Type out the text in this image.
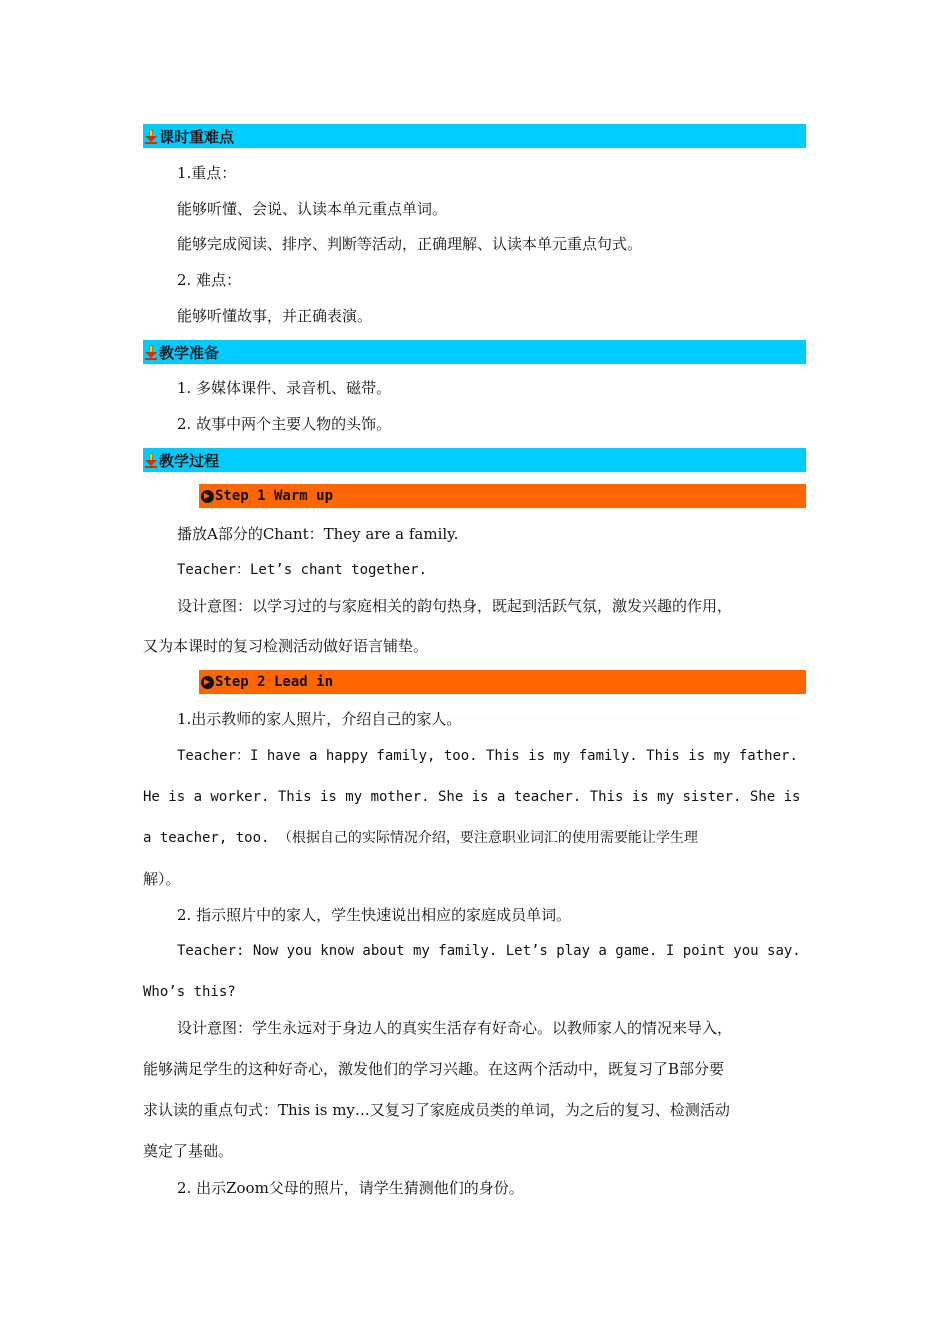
课时重难点
1.重点：
能够听懂、会说、认读本单元重点单词。
能够完成阅读、排序、判断等活动，正确理解、认读本单元重点句式。
2. 难点：
能够听懂故事，并正确表演。
教学准备
1. 多媒体课件、录音机、磁带。
2. 故事中两个主要人物的头饰。
教学过程
Step 1 Warm up
播放A部分的Chant：They are a family.
Teacher：Let’s chant together.
设计意图：以学习过的与家庭相关的韵句热身，既起到活跃气氛，激发兴趣的作用，
又为本课时的复习检测活动做好语言铺垫。
Step 2 Lead in
1.出示教师的家人照片，介绍自己的家人。
Teacher：I have a happy family, too. This is my family. This is my father.
He is a worker. This is my mother. She is a teacher. This is my sister. She is
a teacher, too. （根据自己的实际情况介绍，要注意职业词汇的使用需要能让学生理
解）。
2. 指示照片中的家人，学生快速说出相应的家庭成员单词。
Teacher: Now you know about my family. Let’s play a game. I point you say.
Who’s this?
设计意图：学生永远对于身边人的真实生活存有好奇心。以教师家人的情况来导入，
能够满足学生的这种好奇心，激发他们的学习兴趣。在这两个活动中，既复习了B部分要
求认读的重点句式：This is my…又复习了家庭成员类的单词，为之后的复习、检测活动
奠定了基础。
2. 出示Zoom父母的照片，请学生猜测他们的身份。
